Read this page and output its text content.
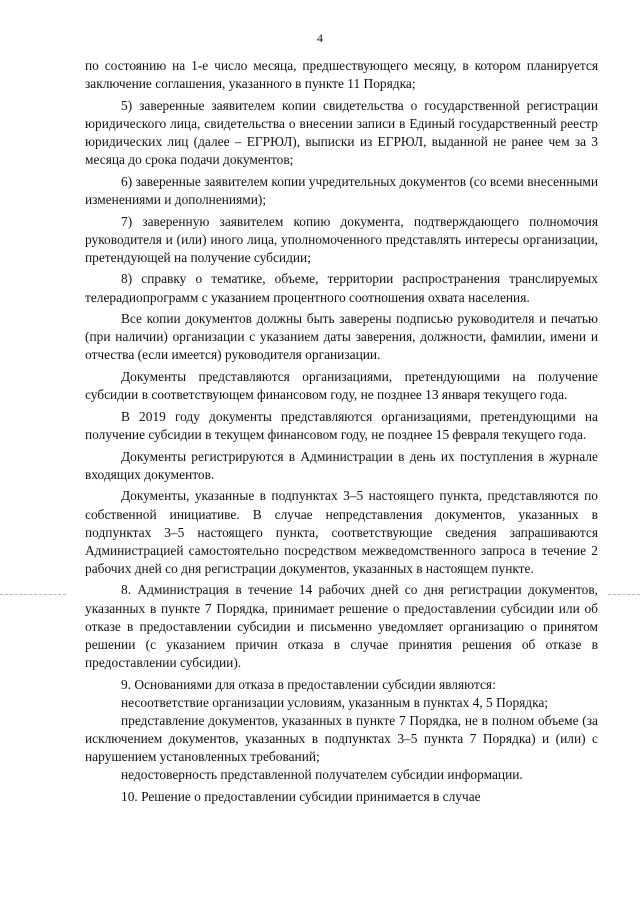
4

по состоянию на 1-е число месяца, предшествующего месяцу, в котором планируется заключение соглашения, указанного в пункте 11 Порядка;

5) заверенные заявителем копии свидетельства о государственной регистрации юридического лица, свидетельства о внесении записи в Единый государственный реестр юридических лиц (далее – ЕГРЮЛ), выписки из ЕГРЮЛ, выданной не ранее чем за 3 месяца до срока подачи документов;

6) заверенные заявителем копии учредительных документов (со всеми внесенными изменениями и дополнениями);

7) заверенную заявителем копию документа, подтверждающего полномочия руководителя и (или) иного лица, уполномоченного представлять интересы организации, претендующей на получение субсидии;

8) справку о тематике, объеме, территории распространения транслируемых телерадиопрограмм с указанием процентного соотношения охвата населения.

Все копии документов должны быть заверены подписью руководителя и печатью (при наличии) организации с указанием даты заверения, должности, фамилии, имени и отчества (если имеется) руководителя организации.

Документы представляются организациями, претендующими на получение субсидии в соответствующем финансовом году, не позднее 13 января текущего года.

В 2019 году документы представляются организациями, претендующими на получение субсидии в текущем финансовом году, не позднее 15 февраля текущего года.

Документы регистрируются в Администрации в день их поступления в журнале входящих документов.

Документы, указанные в подпунктах 3–5 настоящего пункта, представляются по собственной инициативе. В случае непредставления документов, указанных в подпунктах 3–5 настоящего пункта, соответствующие сведения запрашиваются Администрацией самостоятельно посредством межведомственного запроса в течение 2 рабочих дней со дня регистрации документов, указанных в настоящем пункте.

8. Администрация в течение 14 рабочих дней со дня регистрации документов, указанных в пункте 7 Порядка, принимает решение о предоставлении субсидии или об отказе в предоставлении субсидии и письменно уведомляет организацию о принятом решении (с указанием причин отказа в случае принятия решения об отказе в предоставлении субсидии).

9. Основаниями для отказа в предоставлении субсидии являются:

несоответствие организации условиям, указанным в пунктах 4, 5 Порядка;

представление документов, указанных в пункте 7 Порядка, не в полном объеме (за исключением документов, указанных в подпунктах 3–5 пункта 7 Порядка) и (или) с нарушением установленных требований;

недостоверность представленной получателем субсидии информации.

10. Решение о предоставлении субсидии принимается в случае
